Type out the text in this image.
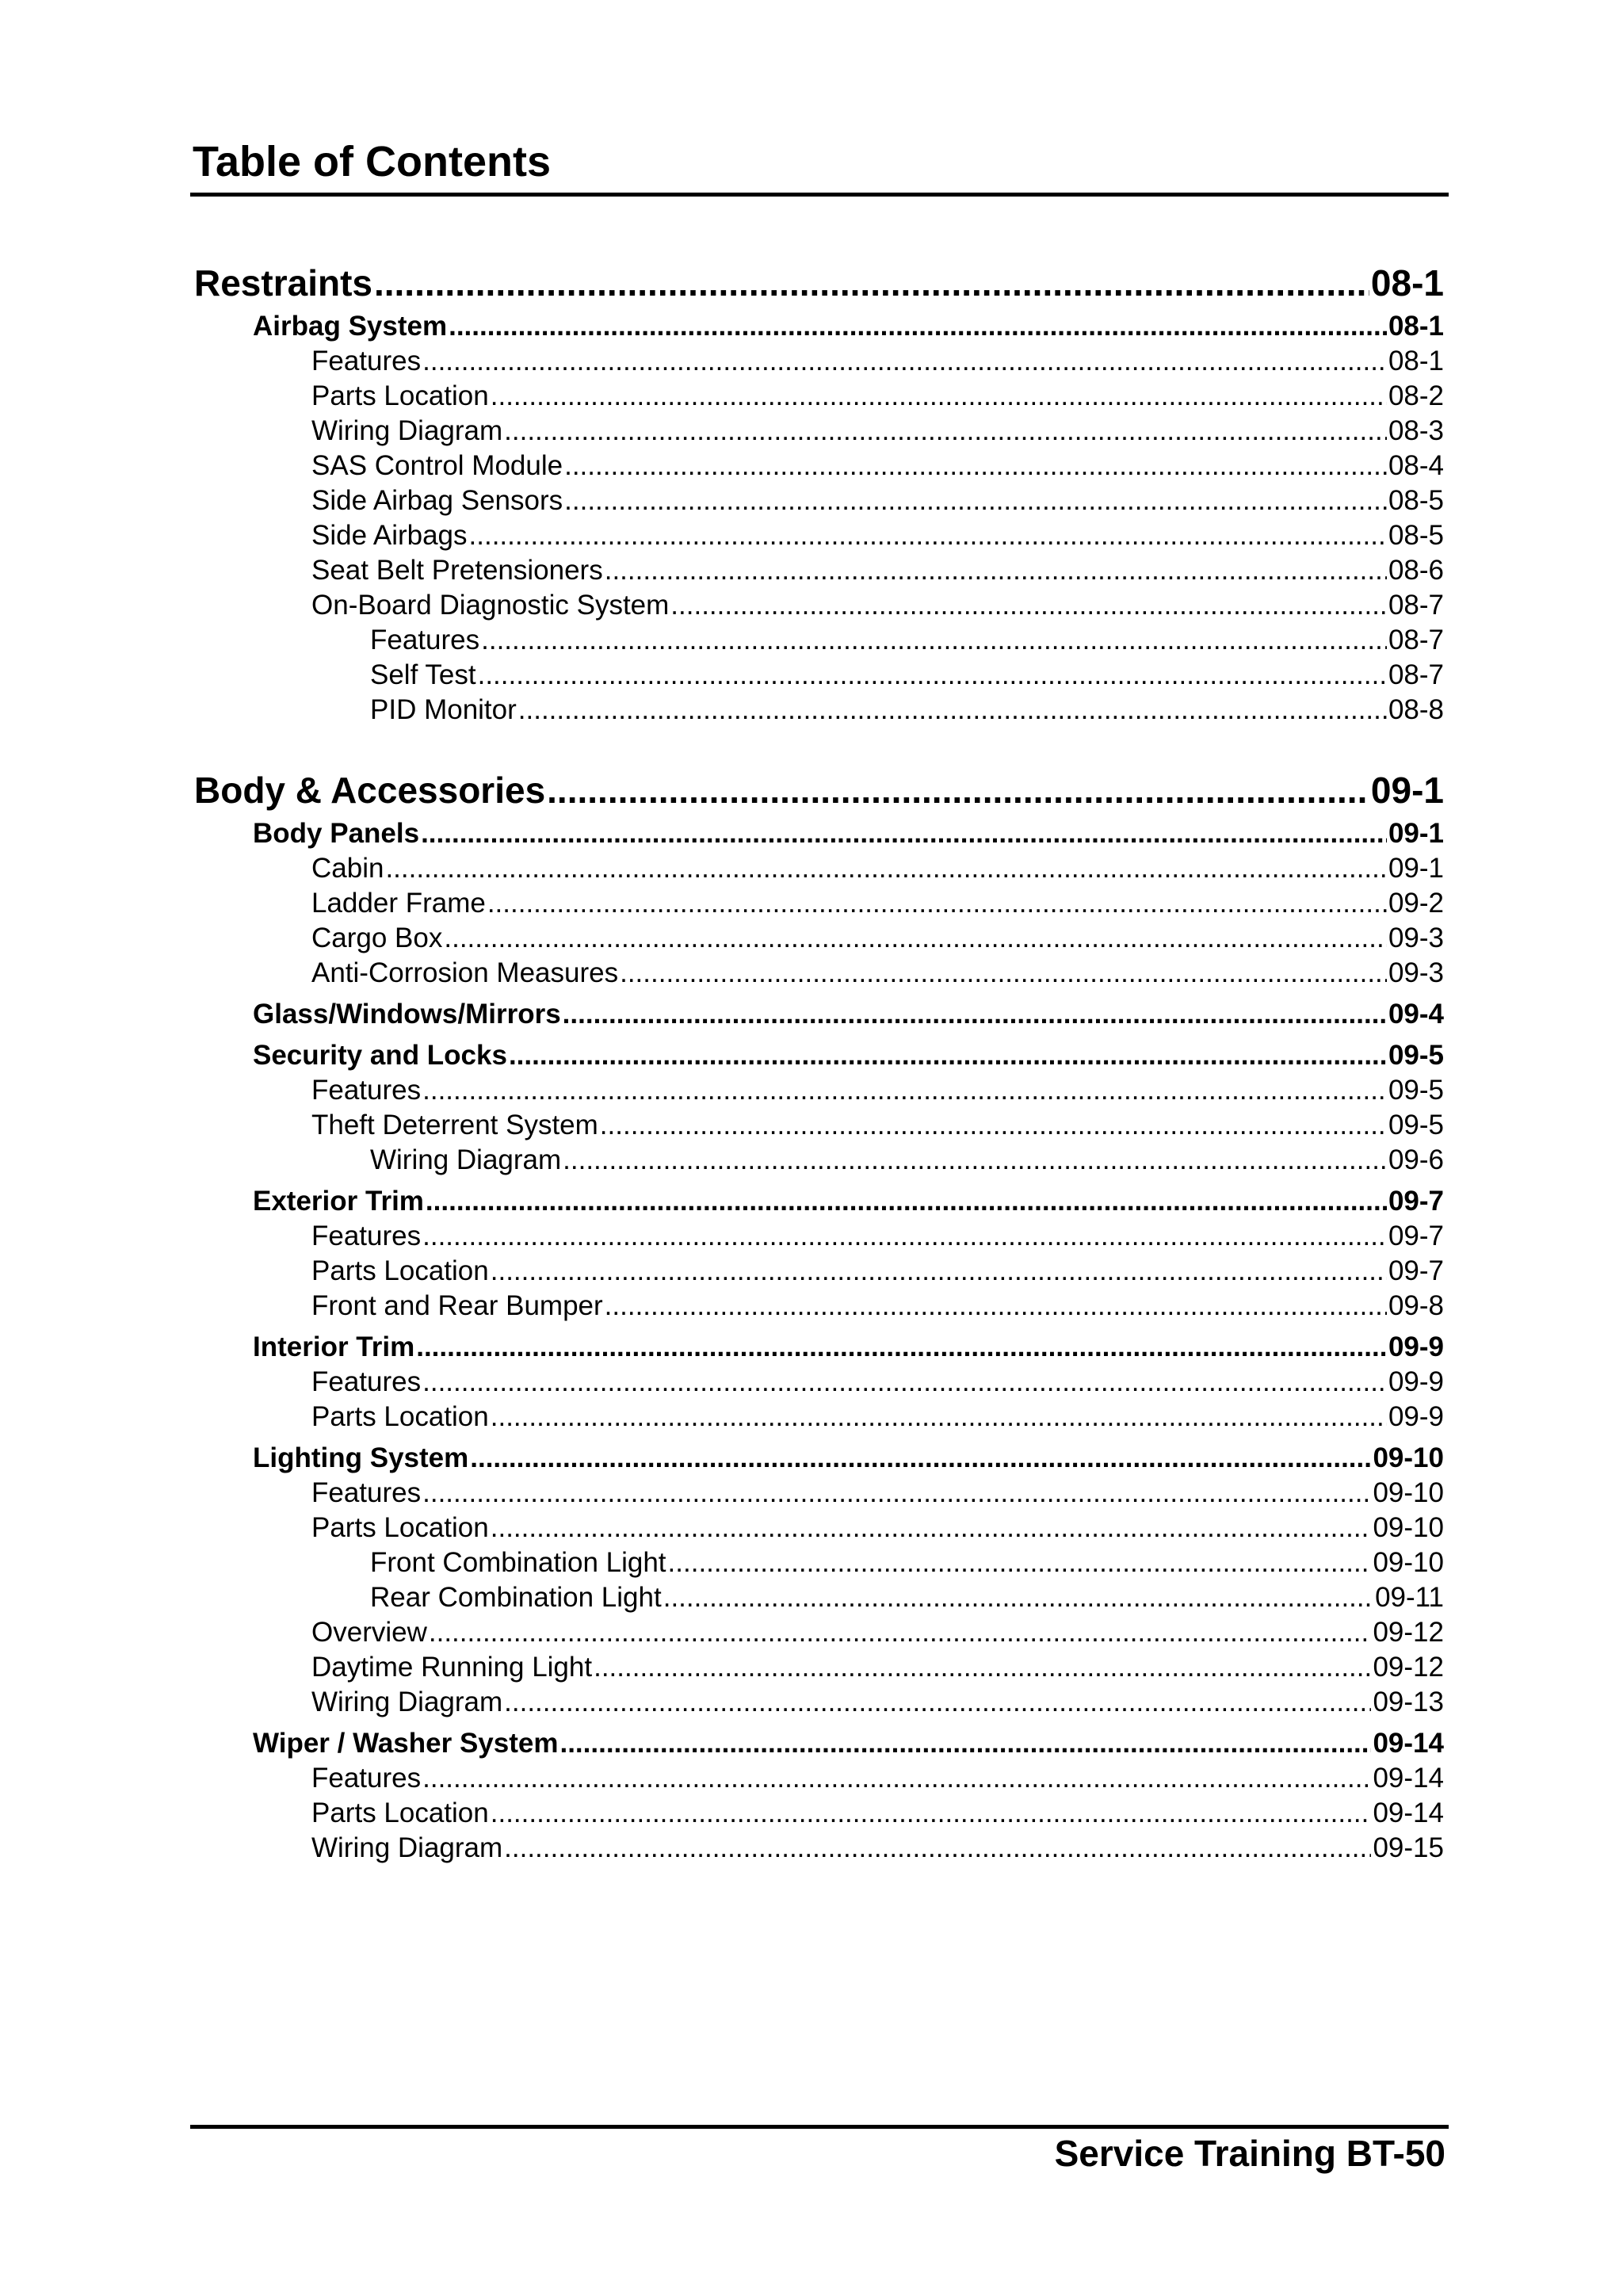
Table of Contents
Restraints .....	08-1
Airbag System .....	08-1
Features .....	08-1
Parts Location .....	08-2
Wiring Diagram .....	08-3
SAS Control Module .....	08-4
Side Airbag Sensors .....	08-5
Side Airbags .....	08-5
Seat Belt Pretensioners .....	08-6
On-Board Diagnostic System .....	08-7
Features .....	08-7
Self Test .....	08-7
PID Monitor .....	08-8
Body & Accessories .....	09-1
Body Panels .....	09-1
Cabin .....	09-1
Ladder Frame .....	09-2
Cargo Box .....	09-3
Anti-Corrosion Measures .....	09-3
Glass/Windows/Mirrors .....	09-4
Security and Locks .....	09-5
Features .....	09-5
Theft Deterrent System .....	09-5
Wiring Diagram .....	09-6
Exterior Trim .....	09-7
Features .....	09-7
Parts Location .....	09-7
Front and Rear Bumper .....	09-8
Interior Trim .....	09-9
Features .....	09-9
Parts Location .....	09-9
Lighting System .....	09-10
Features .....	09-10
Parts Location .....	09-10
Front Combination Light .....	09-10
Rear Combination Light .....	09-11
Overview .....	09-12
Daytime Running Light .....	09-12
Wiring Diagram .....	09-13
Wiper / Washer System .....	09-14
Features .....	09-14
Parts Location .....	09-14
Wiring Diagram .....	09-15
Service Training BT-50
